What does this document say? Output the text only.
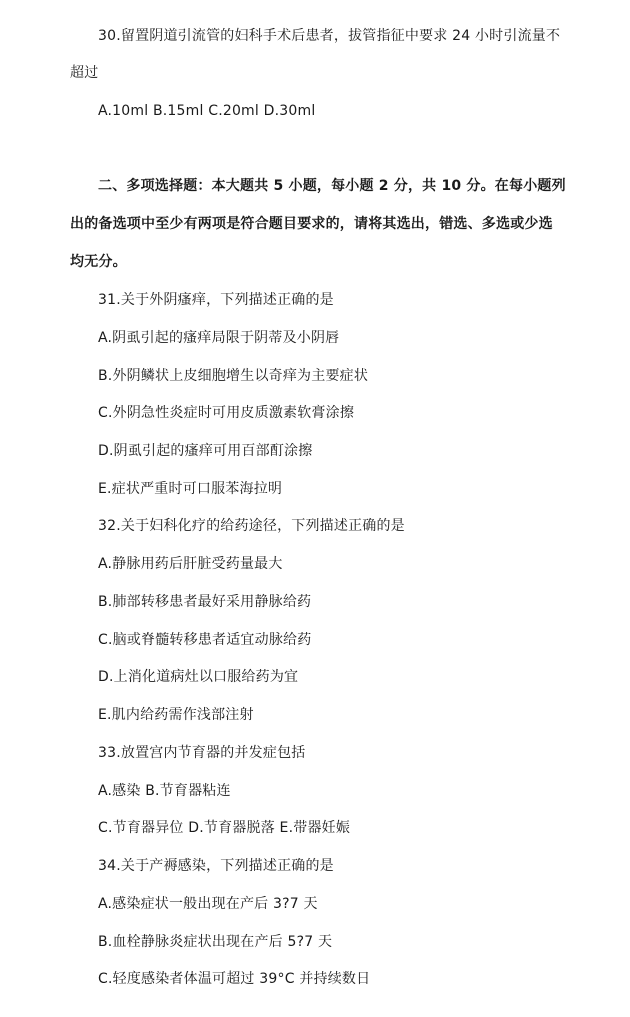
30.留置阴道引流管的妇科手术后患者，拔管指征中要求 24 小时引流量不
超过
A.10ml B.15ml C.20ml D.30ml
二、多项选择题：本大题共 5 小题，每小题 2 分，共 10 分。在每小题列
出的备选项中至少有两项是符合题目要求的，请将其选出，错选、多选或少选
均无分。
31.关于外阴瘙痒，下列描述正确的是
A.阴虱引起的瘙痒局限于阴蒂及小阴唇
B.外阴鳞状上皮细胞增生以奇痒为主要症状
C.外阴急性炎症时可用皮质激素软膏涂擦
D.阴虱引起的瘙痒可用百部酊涂擦
E.症状严重时可口服苯海拉明
32.关于妇科化疗的给药途径，下列描述正确的是
A.静脉用药后肝脏受药量最大
B.肺部转移患者最好采用静脉给药
C.脑或脊髓转移患者适宜动脉给药
D.上消化道病灶以口服给药为宜
E.肌内给药需作浅部注射
33.放置宫内节育器的并发症包括
A.感染 B.节育器粘连
C.节育器异位 D.节育器脱落 E.带器妊娠
34.关于产褥感染，下列描述正确的是
A.感染症状一般出现在产后 3?7 天
B.血栓静脉炎症状出现在产后 5?7 天
C.轻度感染者体温可超过 39°C 并持续数日
